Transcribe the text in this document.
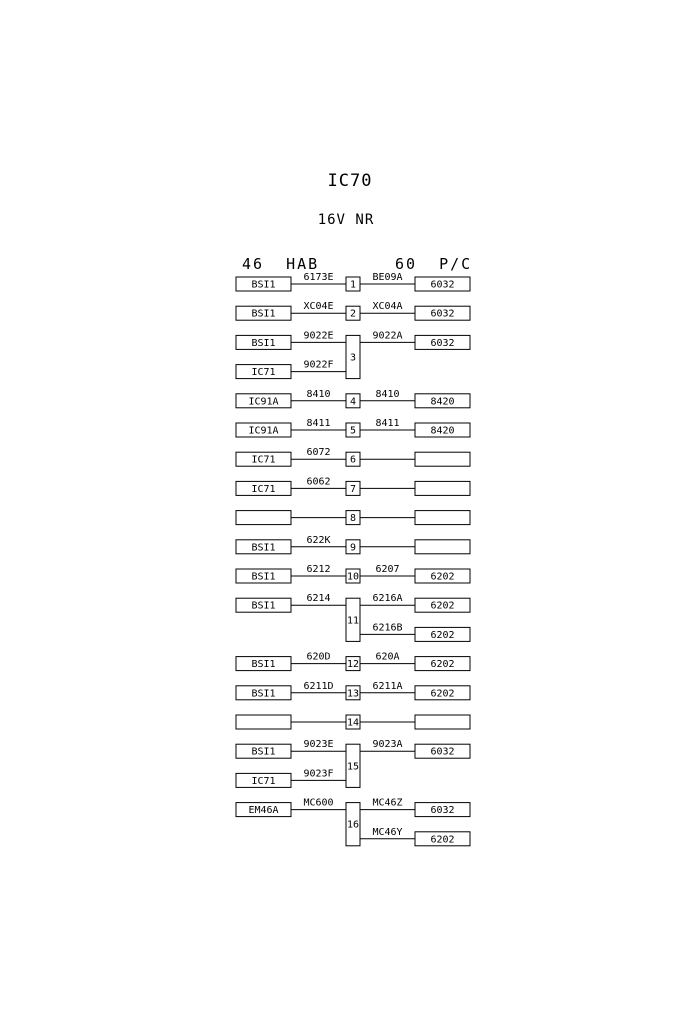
IC70
16V NR
46  HAB	60  P/C
1
BSI1
6173E
6032
BE09A
2
BSI1
XC04E
6032
XC04A
3
BSI1
9022E
IC71
9022F
6032
9022A
4
IC91A
8410
8420
8410
5
IC91A
8411
8420
8411
6
IC71
6072
7
IC71
6062
8
9
BSI1
622K
10
BSI1
6212
6202
6207
11
BSI1
6214
6202
6216A
6202
6216B
12
BSI1
620D
6202
620A
13
BSI1
6211D
6202
6211A
14
15
BSI1
9023E
IC71
9023F
6032
9023A
16
EM46A
MC600
6032
MC46Z
6202
MC46Y
